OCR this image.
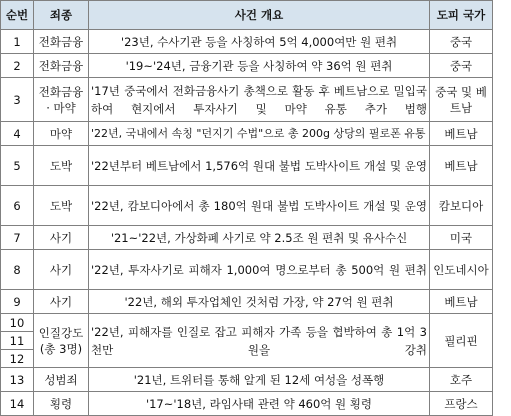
순번	죄종	사건 개요	도피 국가
1	전화금융	'23년, 수사기관 등을 사칭하여 5억 4,000여만 원 편취	중국
2	전화금융	'19~'24년, 금융기관 등을 사칭하여 약 36억 원 편취	중국
3	전화금융 · 마약	'17년 중국에서 전화금융사기 총책으로 활동 후 베트남으로 밀입국하여 현지에서 투자사기 및 마약 유통 추가 범행	중국 및 베트남
4	마약	'22년, 국내에서 속칭 "던지기 수법"으로 총 200g 상당의 필로폰 유통	베트남
5	도박	'22년부터 베트남에서 1,576억 원대 불법 도박사이트 개설 및 운영	베트남
6	도박	'22년, 캄보디아에서 총 180억 원대 불법 도박사이트 개설 및 운영	캄보디아
7	사기	'21~'22년, 가상화폐 사기로 약 2.5조 원 편취 및 유사수신	미국
8	사기	'22년, 투자사기로 피해자 1,000여 명으로부터 총 500억 원 편취	인도네시아
9	사기	'22년, 해외 투자업체인 것처럼 가장, 약 27억 원 편취	베트남
10	인질강도 (총 3명)	'22년, 피해자를 인질로 잡고 피해자 가족 등을 협박하여 총 1억 3천만 원을 강취	필리핀
11			
12			
13	성범죄	'21년, 트위터를 통해 알게 된 12세 여성을 성폭행	호주
14	횡령	'17~'18년, 라임사태 관련 약 460억 원 횡령	프랑스
